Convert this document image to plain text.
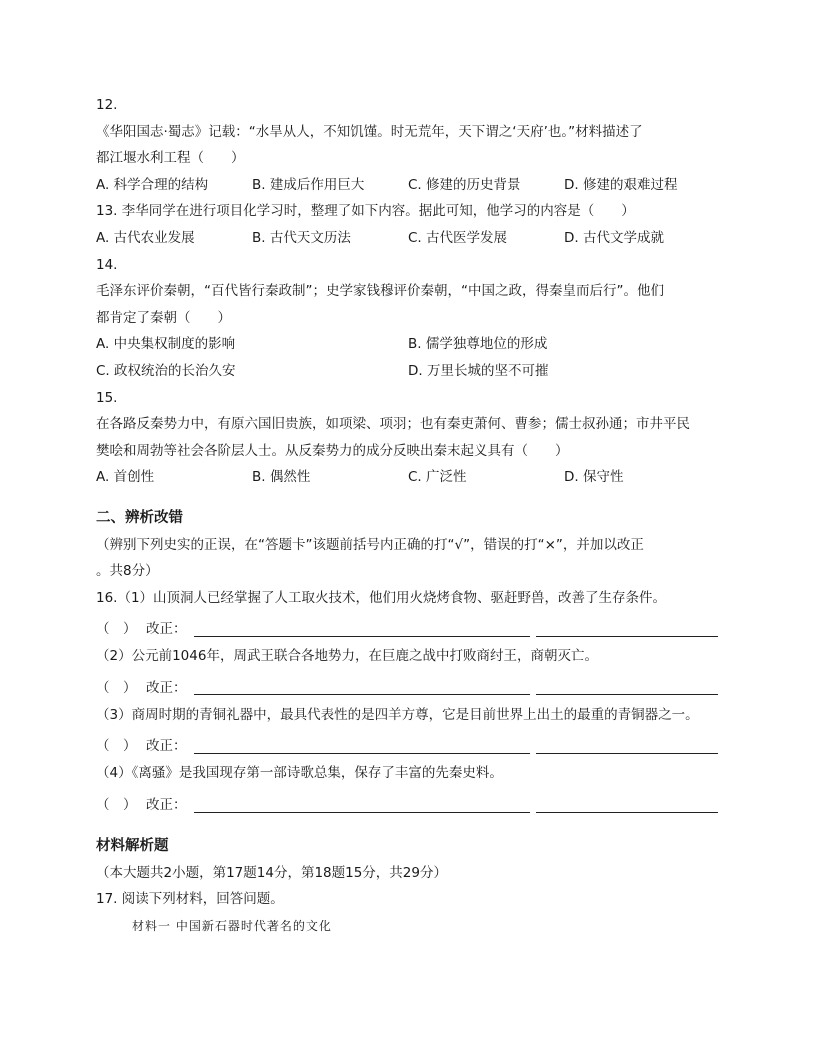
12.
《华阳国志·蜀志》记载：“水旱从人，不知饥馑。时无荒年，天下谓之‘天府’也。”材料描述了
都江堰水利工程（　　）
A. 科学合理的结构	B. 建成后作用巨大	C. 修建的历史背景	D. 修建的艰难过程
13. 李华同学在进行项目化学习时，整理了如下内容。据此可知，他学习的内容是（　　）
A. 古代农业发展	B. 古代天文历法	C. 古代医学发展	D. 古代文学成就
14.
毛泽东评价秦朝，“百代皆行秦政制”；史学家钱穆评价秦朝，“中国之政，得秦皇而后行”。他们
都肯定了秦朝（　　）
A. 中央集权制度的影响	B. 儒学独尊地位的形成
C. 政权统治的长治久安	D. 万里长城的坚不可摧
15.
在各路反秦势力中，有原六国旧贵族，如项梁、项羽；也有秦吏萧何、曹参；儒士叔孙通；市井平民
樊哙和周勃等社会各阶层人士。从反秦势力的成分反映出秦末起义具有（　　）
A. 首创性	B. 偶然性	C. 广泛性	D. 保守性
二、辨析改错
（辨别下列史实的正误，在“答题卡”该题前括号内正确的打“√”，错误的打“×”，并加以改正
。共8分）
16.（1）山顶洞人已经掌握了人工取火技术，他们用火烧烤食物、驱赶野兽，改善了生存条件。
（　） 改正：
（2）公元前1046年，周武王联合各地势力，在巨鹿之战中打败商纣王，商朝灭亡。
（　） 改正：
（3）商周时期的青铜礼器中，最具代表性的是四羊方尊，它是目前世界上出土的最重的青铜器之一。
（　） 改正：
（4）《离骚》是我国现存第一部诗歌总集，保存了丰富的先秦史料。
（　） 改正：
材料解析题
（本大题共2小题，第17题14分，第18题15分，共29分）
17. 阅读下列材料，回答问题。
材料一 中国新石器时代著名的文化
